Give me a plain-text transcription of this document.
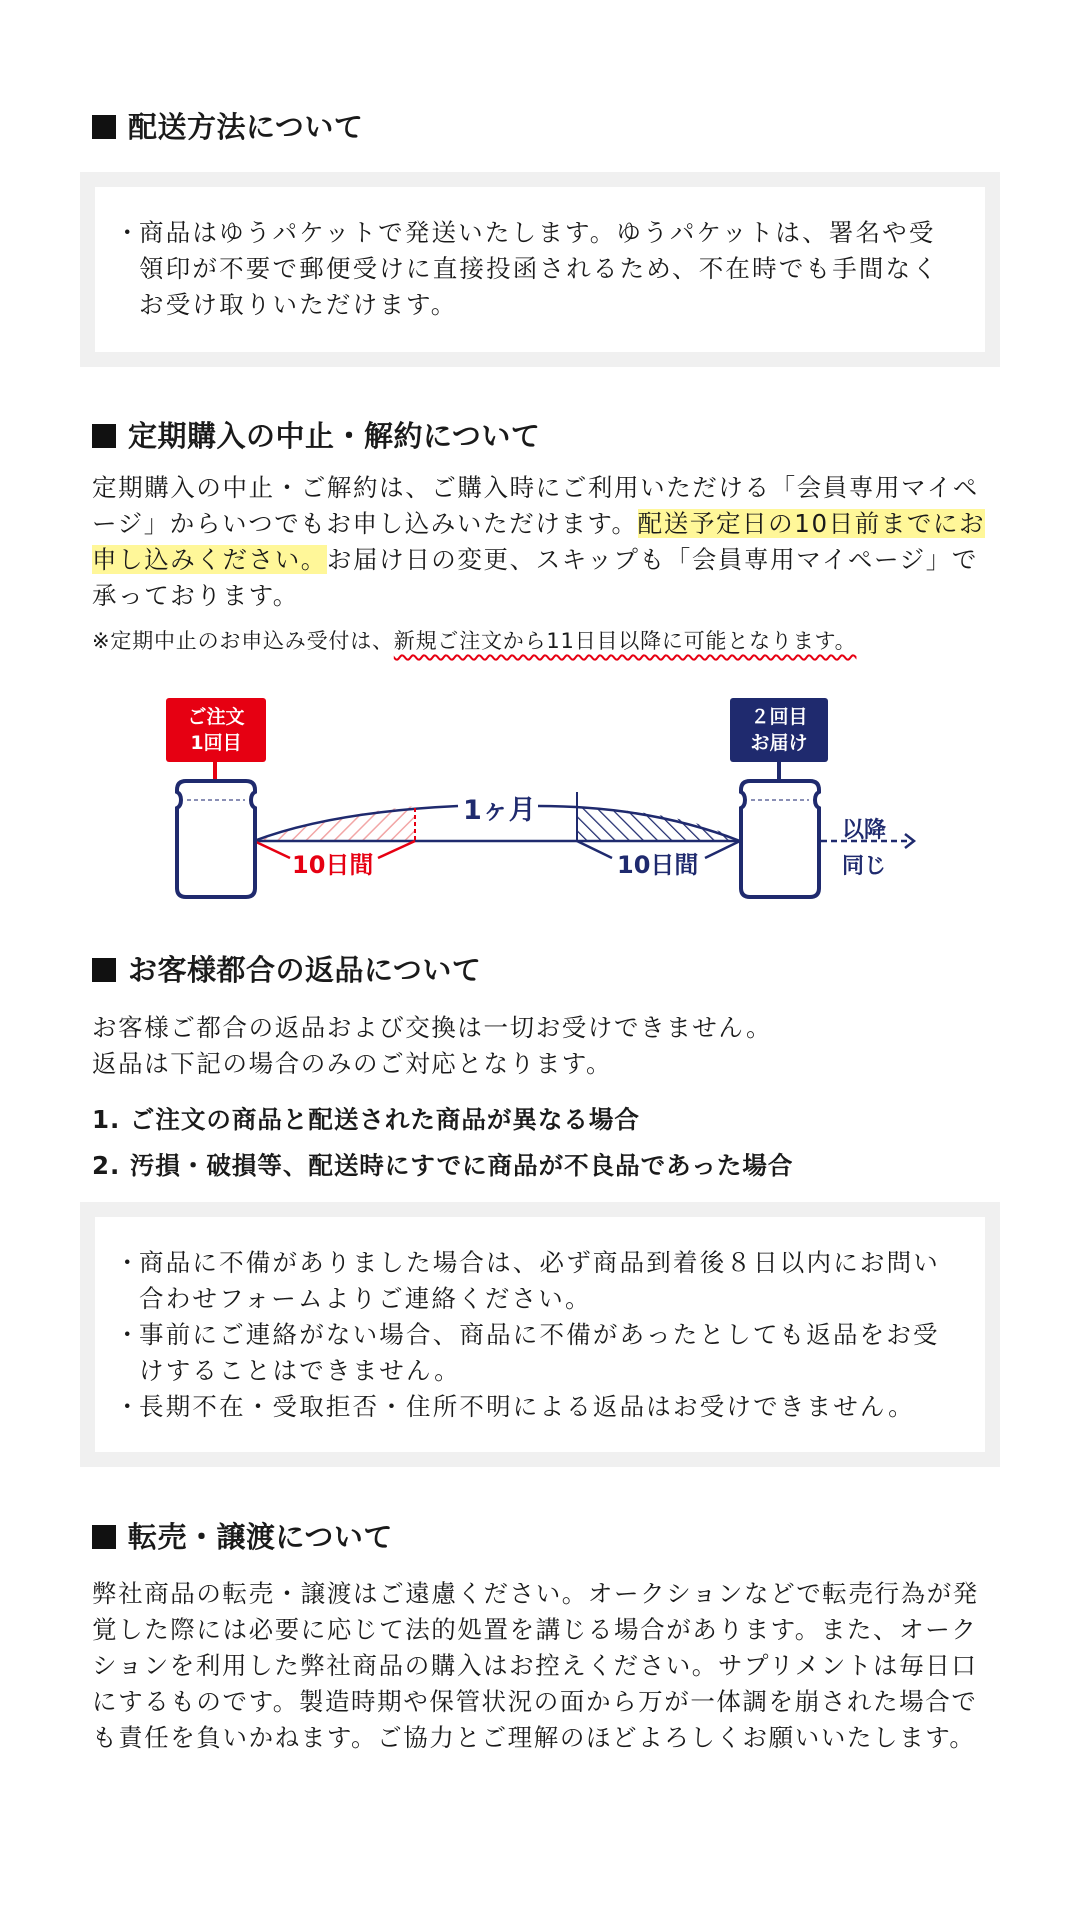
配送方法について
・ 商品はゆうパケットで発送いたします。ゆうパケットは、署名や受領印が不要で郵便受けに直接投函されるため、不在時でも手間なくお受け取りいただけます。
定期購入の中止・解約について

定期購入の中止・ご解約は、ご購入時にご利用いただける「会員専用マイページ」からいつでもお申し込みいただけます。配送予定日の10日前までにお申し込みください。お届け日の変更、スキップも「会員専用マイページ」で承っております。

※定期中止のお申込み受付は、新規ご注文から11日目以降に可能となります。
ご注文
1回目
２回目
お届け
1ヶ月
10日間	10日間
以降
同じ
お客様都合の返品について
お客様ご都合の返品および交換は一切お受けできません。
返品は下記の場合のみのご対応となります。
1. ご注文の商品と配送された商品が異なる場合
2. 汚損・破損等、配送時にすでに商品が不良品であった場合
・ 商品に不備がありました場合は、必ず商品到着後８日以内にお問い合わせフォームよりご連絡ください。
・ 事前にご連絡がない場合、商品に不備があったとしても返品をお受けすることはできません。
・ 長期不在・受取拒否・住所不明による返品はお受けできません。
転売・譲渡について

弊社商品の転売・譲渡はご遠慮ください。オークションなどで転売行為が発覚した際には必要に応じて法的処置を講じる場合があります。また、オークションを利用した弊社商品の購入はお控えください。サプリメントは毎日口にするものです。製造時期や保管状況の面から万が一体調を崩された場合でも責任を負いかねます。ご協力とご理解のほどよろしくお願いいたします。
